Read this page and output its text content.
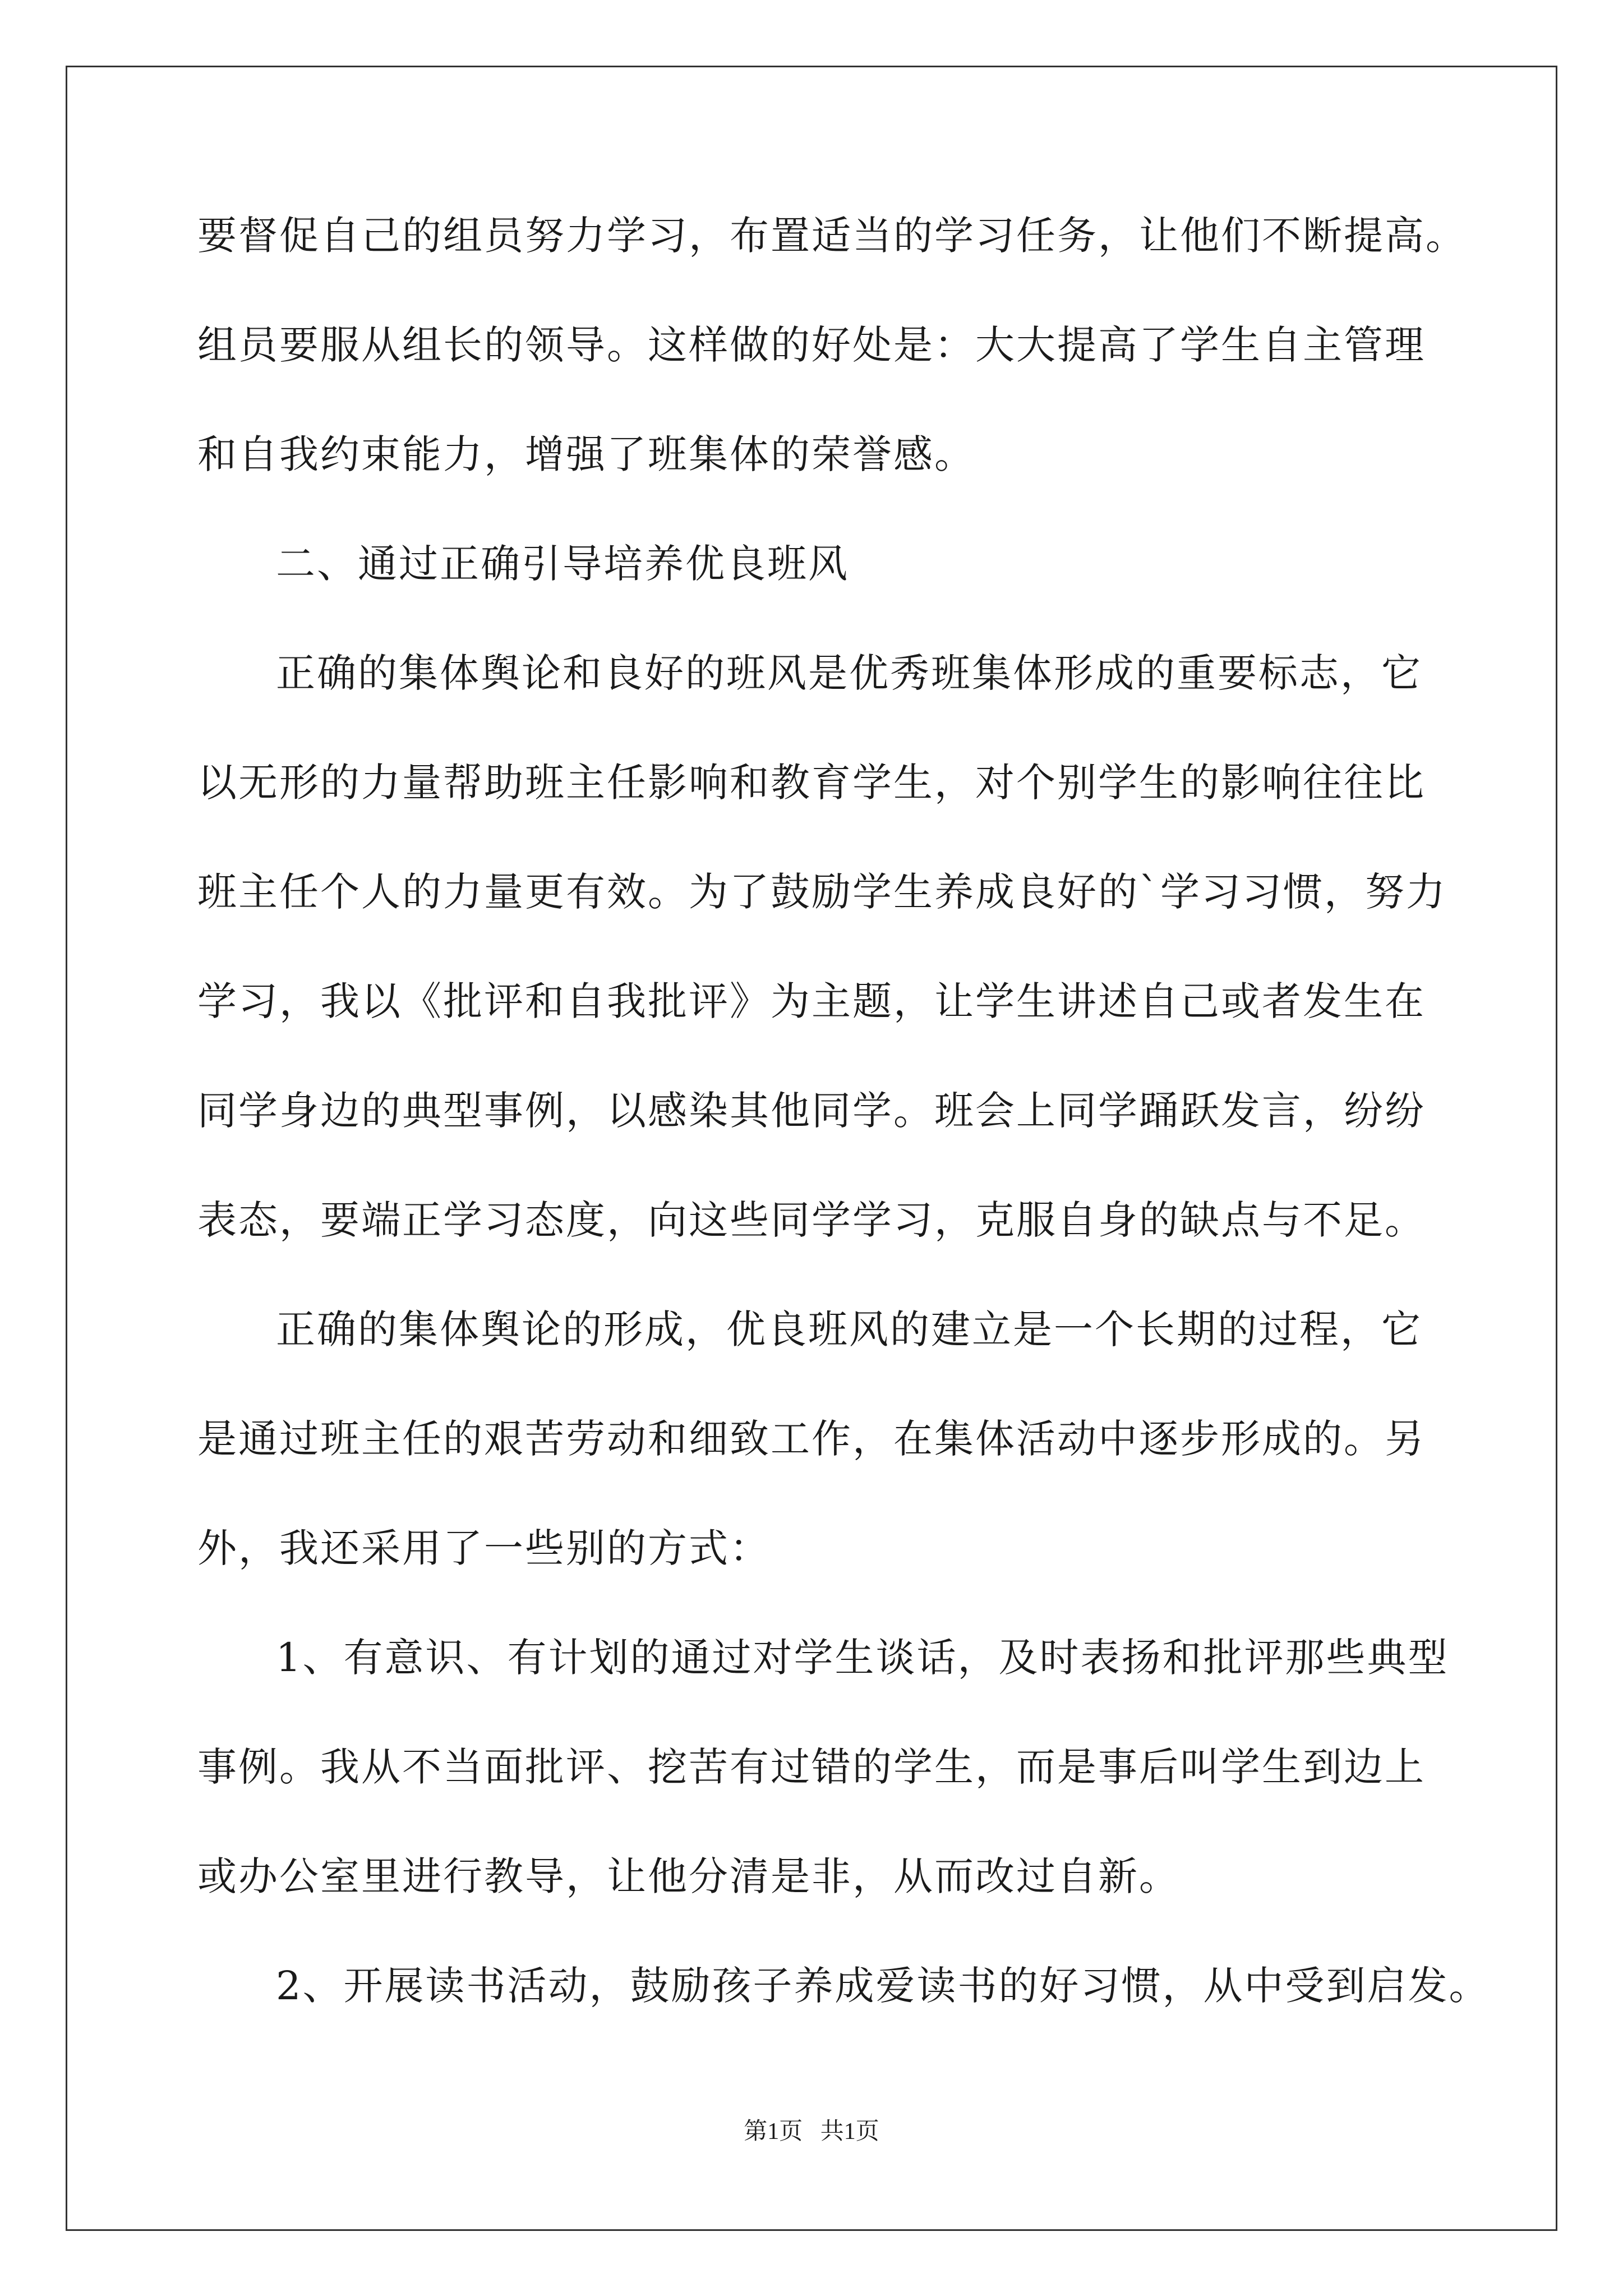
要督促自己的组员努力学习，布置适当的学习任务，让他们不断提高。
组员要服从组长的领导。这样做的好处是：大大提高了学生自主管理
和自我约束能力，增强了班集体的荣誉感。
二、通过正确引导培养优良班风
正确的集体舆论和良好的班风是优秀班集体形成的重要标志，它
以无形的力量帮助班主任影响和教育学生，对个别学生的影响往往比
班主任个人的力量更有效。为了鼓励学生养成良好的`学习习惯，努力
学习，我以《批评和自我批评》为主题，让学生讲述自己或者发生在
同学身边的典型事例，以感染其他同学。班会上同学踊跃发言，纷纷
表态，要端正学习态度，向这些同学学习，克服自身的缺点与不足。
正确的集体舆论的形成，优良班风的建立是一个长期的过程，它
是通过班主任的艰苦劳动和细致工作，在集体活动中逐步形成的。另
外，我还采用了一些别的方式：
1、有意识、有计划的通过对学生谈话，及时表扬和批评那些典型
事例。我从不当面批评、挖苦有过错的学生，而是事后叫学生到边上
或办公室里进行教导，让他分清是非，从而改过自新。
2、开展读书活动，鼓励孩子养成爱读书的好习惯，从中受到启发。
第1页   共1页
